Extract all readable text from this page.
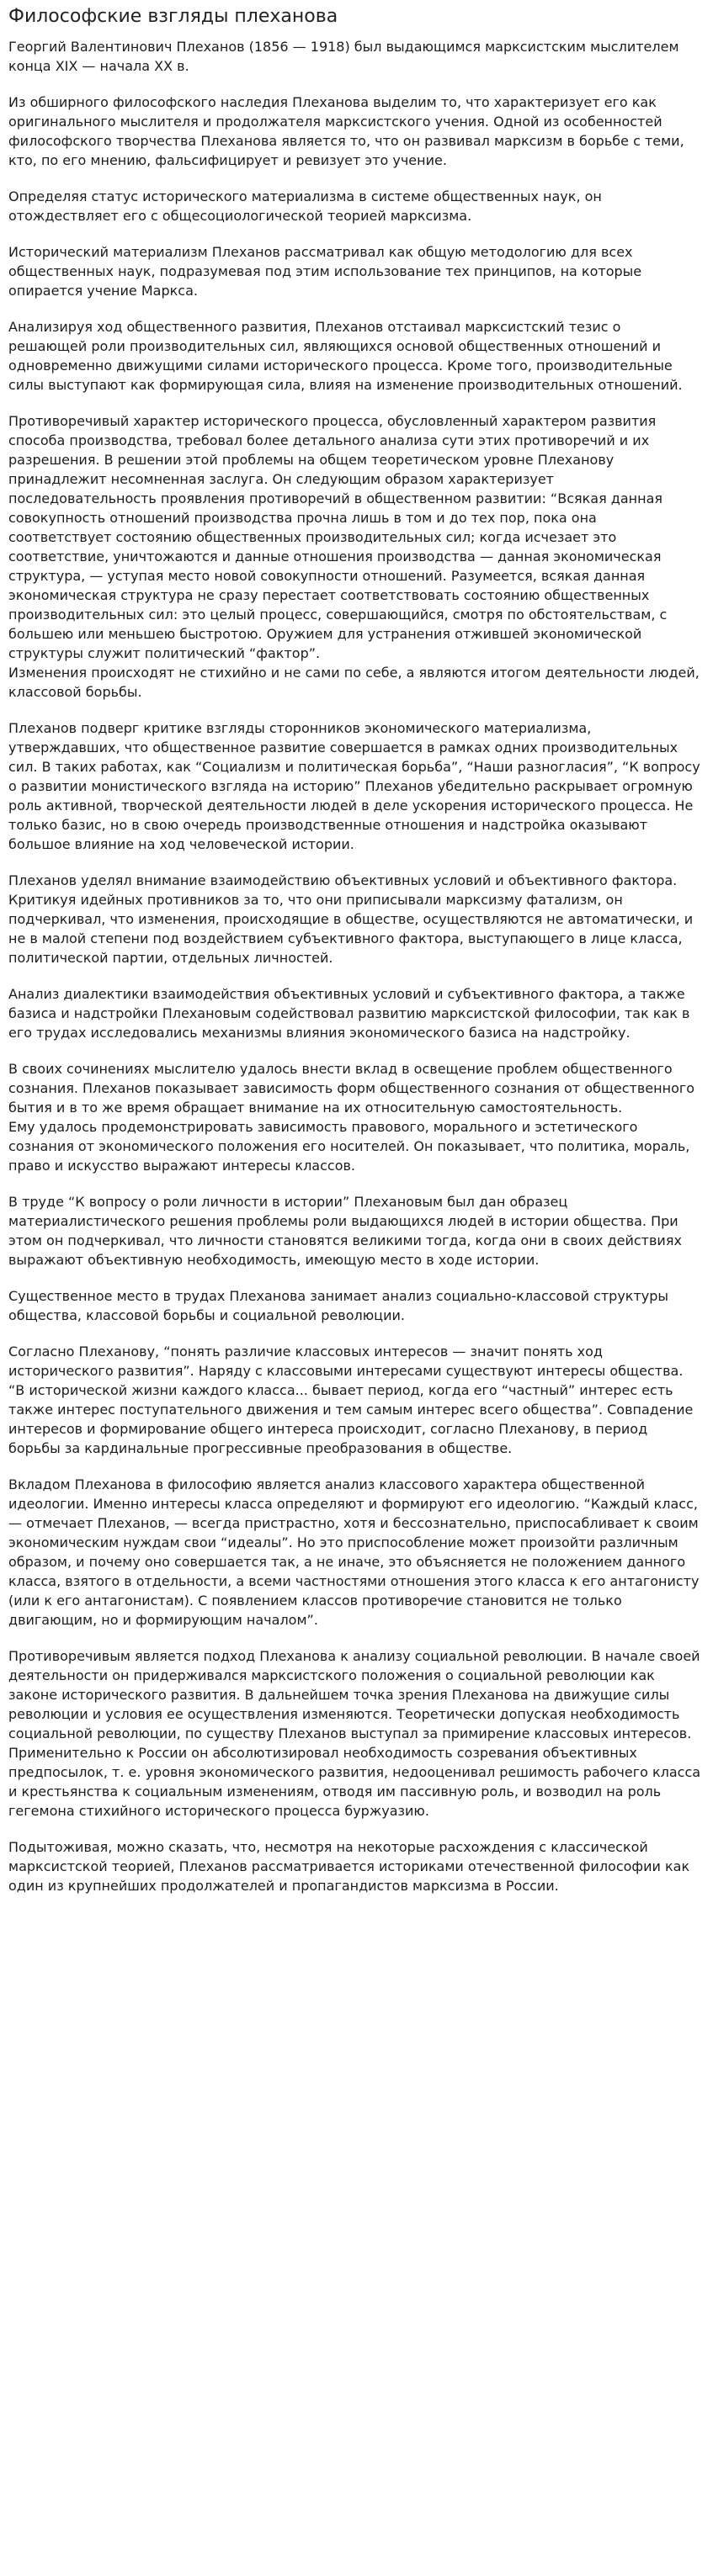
Философские взгляды плеханова

Георгий Валентинович Плеханов (1856 — 1918) был выдающимся марксистским мыслителем конца XIX — начала XX в.

Из обширного философского наследия Плеханова выделим то, что характеризует его как оригинального мыслителя и продолжателя марксистского учения. Одной из особенностей философского творчества Плеханова является то, что он развивал марксизм в борьбе с теми, кто, по его мнению, фальсифицирует и ревизует это учение.

Определяя статус исторического материализма в системе общественных наук, он отождествляет его с общесоциологической теорией марксизма.

Исторический материализм Плеханов рассматривал как общую методологию для всех общественных наук, подразумевая под этим использование тех принципов, на которые опирается учение Маркса.

Анализируя ход общественного развития, Плеханов отстаивал марксистский тезис о решающей роли производительных сил, являющихся основой общественных отношений и одновременно движущими силами исторического процесса. Кроме того, производительные силы выступают как формирующая сила, влияя на изменение производительных отношений.

Противоречивый характер исторического процесса, обусловленный характером развития способа производства, требовал более детального анализа сути этих противоречий и их разрешения. В решении этой проблемы на общем теоретическом уровне Плеханову принадлежит несомненная заслуга. Он следующим образом характеризует последовательность проявления противоречий в общественном развитии: “Всякая данная совокупность отношений производства прочна лишь в том и до тех пор, пока она соответствует состоянию общественных производительных сил; когда исчезает это соответствие, уничтожаются и данные отношения производства — данная экономическая структура, — уступая место новой совокупности отношений. Разумеется, всякая данная экономическая структура не сразу перестает соответствовать состоянию общественных производительных сил: это целый процесс, совершающийся, смотря по обстоятельствам, с большею или меньшею быстротою. Оружием для устранения отжившей экономической структуры служит политический “фактор”.
Изменения происходят не стихийно и не сами по себе, а являются итогом деятельности людей, классовой борьбы.

Плеханов подверг критике взгляды сторонников экономического материализма, утверждавших, что общественное развитие совершается в рамках одних производительных сил. В таких работах, как “Социализм и политическая борьба”, “Наши разногласия”, “К вопросу о развитии монистического взгляда на историю” Плеханов убедительно раскрывает огромную роль активной, творческой деятельности людей в деле ускорения исторического процесса. Не только базис, но в свою очередь производственные отношения и надстройка оказывают большое влияние на ход человеческой истории.

Плеханов уделял внимание взаимодействию объективных условий и объективного фактора. Критикуя идейных противников за то, что они приписывали марксизму фатализм, он подчеркивал, что изменения, происходящие в обществе, осуществляются не автоматически, и не в малой степени под воздействием субъективного фактора, выступающего в лице класса, политической партии, отдельных личностей.

Анализ диалектики взаимодействия объективных условий и субъективного фактора, а также базиса и надстройки Плехановым содействовал развитию марксистской философии, так как в его трудах исследовались механизмы влияния экономического базиса на надстройку.

В своих сочинениях мыслителю удалось внести вклад в освещение проблем общественного сознания. Плеханов показывает зависимость форм общественного сознания от общественного бытия и в то же время обращает внимание на их относительную самостоятельность.
Ему удалось продемонстрировать зависимость правового, морального и эстетического сознания от экономического положения его носителей. Он показывает, что политика, мораль, право и искусство выражают интересы классов.

В труде “К вопросу о роли личности в истории” Плехановым был дан образец материалистического решения проблемы роли выдающихся людей в истории общества. При этом он подчеркивал, что личности становятся великими тогда, когда они в своих действиях выражают объективную необходимость, имеющую место в ходе истории.

Существенное место в трудах Плеханова занимает анализ социально-классовой структуры общества, классовой борьбы и социальной революции.

Согласно Плеханову, “понять различие классовых интересов — значит понять ход исторического развития”. Наряду с классовыми интересами существуют интересы общества. “В исторической жизни каждого класса... бывает период, когда его “частный” интерес есть также интерес поступательного движения и тем самым интерес всего общества”. Совпадение интересов и формирование общего интереса происходит, согласно Плеханову, в период борьбы за кардинальные прогрессивные преобразования в обществе.

Вкладом Плеханова в философию является анализ классового характера общественной идеологии. Именно интересы класса определяют и формируют его идеологию. “Каждый класс, — отмечает Плеханов, — всегда пристрастно, хотя и бессознательно, приспосабливает к своим экономическим нуждам свои “идеалы”. Но это приспособление может произойти различным образом, и почему оно совершается так, а не иначе, это объясняется не положением данного класса, взятого в отдельности, а всеми частностями отношения этого класса к его антагонисту (или к его антагонистам). С появлением классов противоречие становится не только двигающим, но и формирующим началом”.

Противоречивым является подход Плеханова к анализу социальной революции. В начале своей деятельности он придерживался марксистского положения о социальной революции как законе исторического развития. В дальнейшем точка зрения Плеханова на движущие силы революции и условия ее осуществления изменяются. Теоретически допуская необходимость социальной революции, по существу Плеханов выступал за примирение классовых интересов. Применительно к России он абсолютизировал необходимость созревания объективных предпосылок, т. е. уровня экономического развития, недооценивал решимость рабочего класса и крестьянства к социальным изменениям, отводя им пассивную роль, и возводил на роль гегемона стихийного исторического процесса буржуазию.

Подытоживая, можно сказать, что, несмотря на некоторые расхождения с классической марксистской теорией, Плеханов рассматривается историками отечественной философии как один из крупнейших продолжателей и пропагандистов марксизма в России.
